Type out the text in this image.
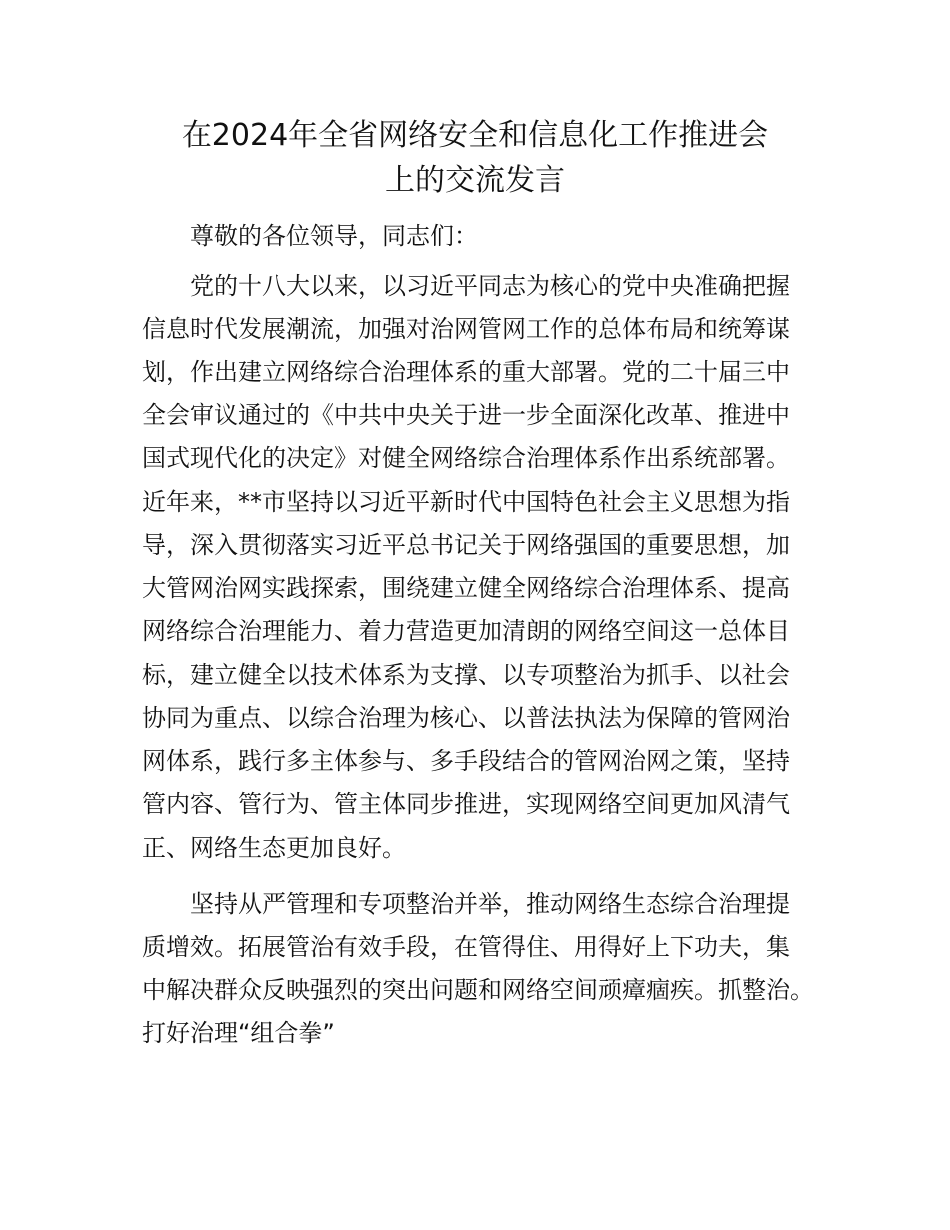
在2024年全省网络安全和信息化工作推进会
上的交流发言

尊敬的各位领导，同志们：

党的十八大以来，以习近平同志为核心的党中央准确把握

信息时代发展潮流，加强对治网管网工作的总体布局和统筹谋

划，作出建立网络综合治理体系的重大部署。党的二十届三中

全会审议通过的《中共中央关于进一步全面深化改革、推进中

国式现代化的决定》对健全网络综合治理体系作出系统部署。

近年来，**市坚持以习近平新时代中国特色社会主义思想为指

导，深入贯彻落实习近平总书记关于网络强国的重要思想，加

大管网治网实践探索，围绕建立健全网络综合治理体系、提高

网络综合治理能力、着力营造更加清朗的网络空间这一总体目

标，建立健全以技术体系为支撑、以专项整治为抓手、以社会

协同为重点、以综合治理为核心、以普法执法为保障的管网治

网体系，践行多主体参与、多手段结合的管网治网之策，坚持

管内容、管行为、管主体同步推进，实现网络空间更加风清气

正、网络生态更加良好。

坚持从严管理和专项整治并举，推动网络生态综合治理提

质增效。拓展管治有效手段，在管得住、用得好上下功夫，集

中解决群众反映强烈的突出问题和网络空间顽瘴痼疾。抓整治。

打好治理“组合拳”
